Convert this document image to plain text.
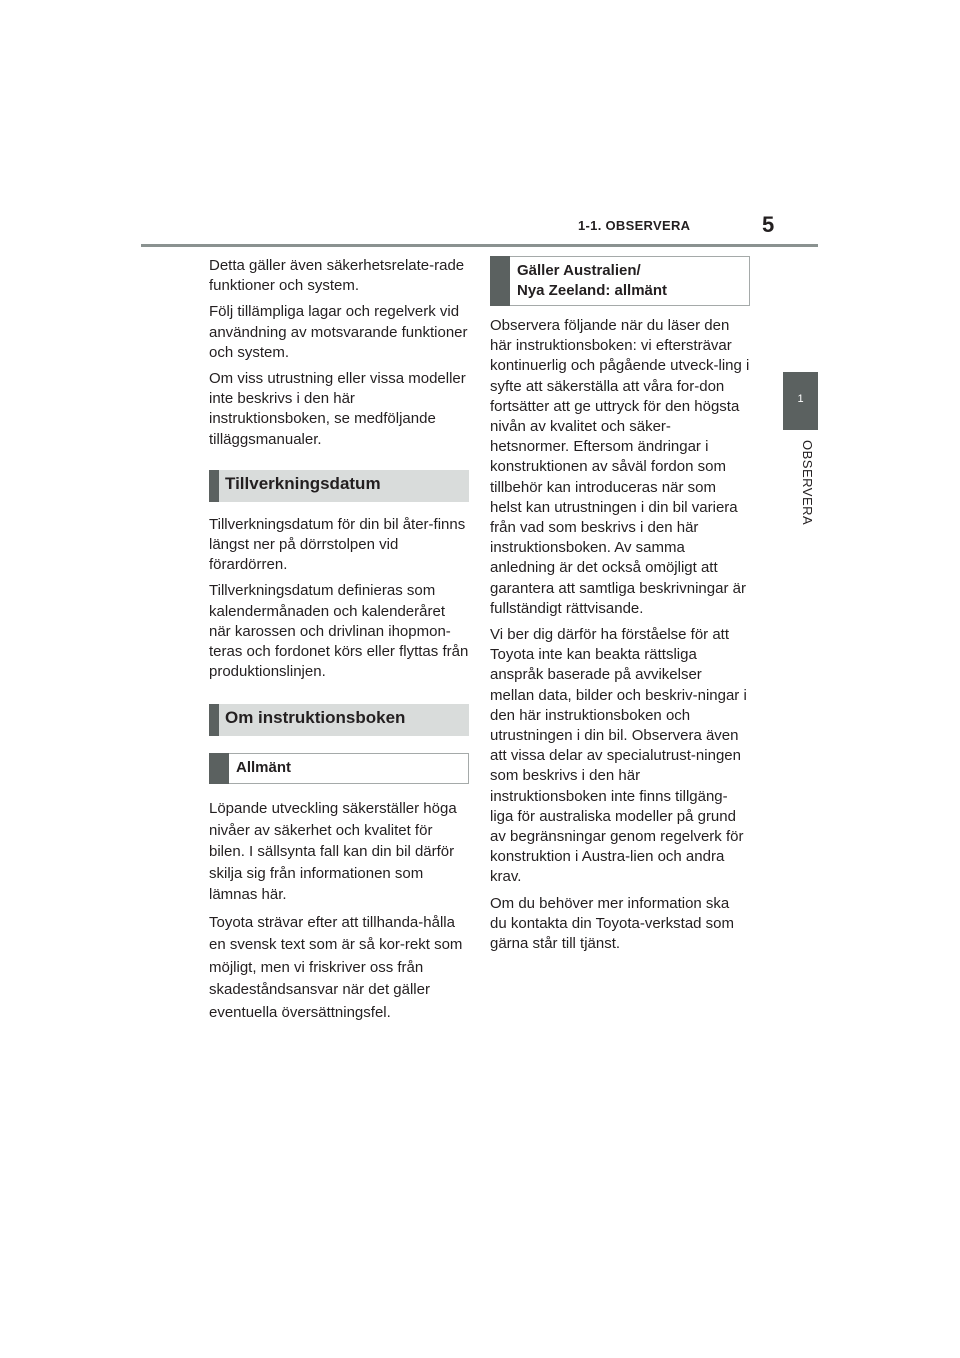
1-1. OBSERVERA	5
1
OBSERVERA

Detta gäller även säkerhetsrelate-rade funktioner och system.

Följ tillämpliga lagar och regelverk vid användning av motsvarande funktioner och system.

Om viss utrustning eller vissa modeller inte beskrivs i den här instruktionsboken, se medföljande tilläggsmanualer.

Tillverkningsdatum

Tillverkningsdatum för din bil åter-finns längst ner på dörrstolpen vid förardörren.

Tillverkningsdatum definieras som kalendermånaden och kalenderåret när karossen och drivlinan ihopmon-teras och fordonet körs eller flyttas från produktionslinjen.

Om instruktionsboken
Allmänt

Löpande utveckling säkerställer höga nivåer av säkerhet och kvalitet för bilen. I sällsynta fall kan din bil därför skilja sig från informationen som lämnas här.

Toyota strävar efter att tillhanda-hålla en svensk text som är så kor-rekt som möjligt, men vi friskriver oss från skadeståndsansvar när det gäller eventuella översättningsfel.

Gäller Australien/
Nya Zeeland: allmänt

Observera följande när du läser den här instruktionsboken: vi eftersträvar kontinuerlig och pågående utveck-ling i syfte att säkerställa att våra for-don fortsätter att ge uttryck för den högsta nivån av kvalitet och säker-hetsnormer. Eftersom ändringar i konstruktionen av såväl fordon som tillbehör kan introduceras när som helst kan utrustningen i din bil variera från vad som beskrivs i den här instruktionsboken. Av samma anledning är det också omöjligt att garantera att samtliga beskrivningar är fullständigt rättvisande.

Vi ber dig därför ha förståelse för att Toyota inte kan beakta rättsliga anspråk baserade på avvikelser mellan data, bilder och beskriv-ningar i den här instruktionsboken och utrustningen i din bil. Observera även att vissa delar av specialutrust-ningen som beskrivs i den här instruktionsboken inte finns tillgäng-liga för australiska modeller på grund av begränsningar genom regelverk för konstruktion i Austra-lien och andra krav.

Om du behöver mer information ska du kontakta din Toyota-verkstad som gärna står till tjänst.
